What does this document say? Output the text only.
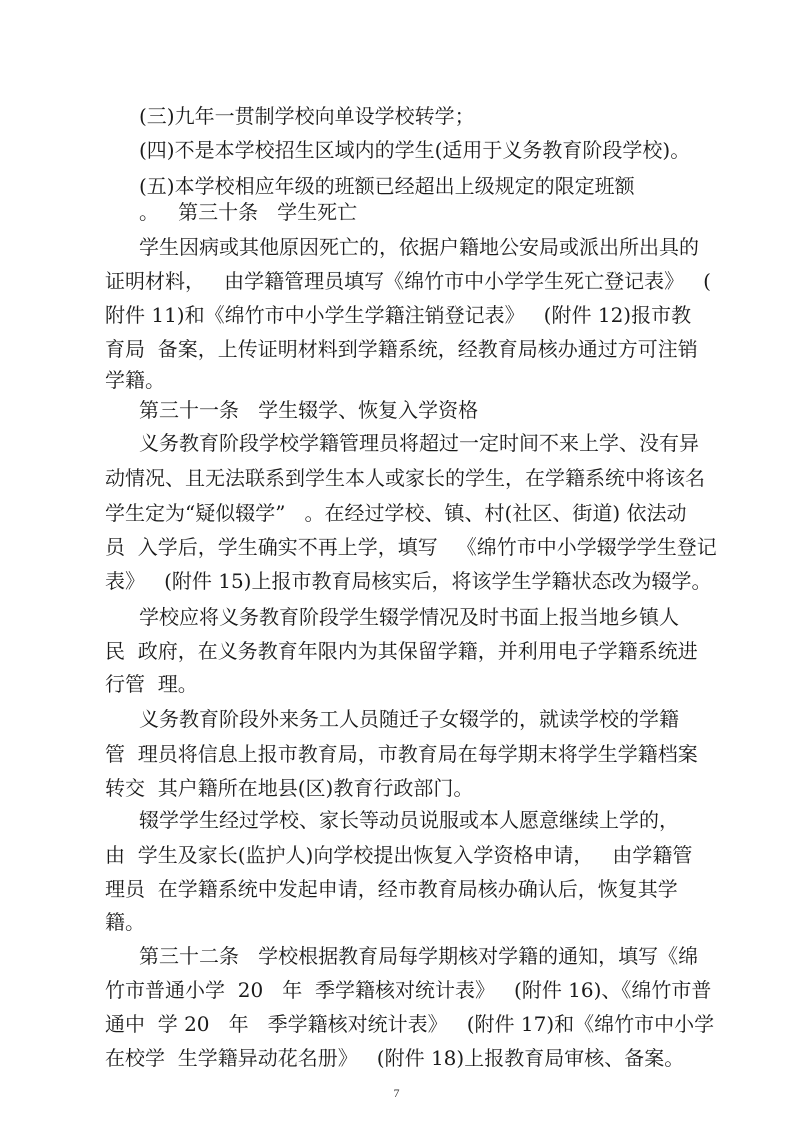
(三)九年一贯制学校向单设学校转学；
(四)不是本学校招生区域内的学生(适用于义务教育阶段学校)。
(五)本学校相应年级的班额已经超出上级规定的限定班额
。   第三十条   学生死亡
学生因病或其他原因死亡的，依据户籍地公安局或派出所出具的
证明材料，   由学籍管理员填写《绵竹市中小学学生死亡登记表》   (
附件 11)和《绵竹市中小学生学籍注销登记表》   (附件 12)报市教
育局  备案，上传证明材料到学籍系统，经教育局核办通过方可注销
学籍。
第三十一条   学生辍学、恢复入学资格
义务教育阶段学校学籍管理员将超过一定时间不来上学、没有异
动情况、且无法联系到学生本人或家长的学生，在学籍系统中将该名
学生定为“疑似辍学”   。在经过学校、镇、村(社区、街道) 依法动
员  入学后，学生确实不再上学，填写   《绵竹市中小学辍学学生登记
表》   (附件 15)上报市教育局核实后，将该学生学籍状态改为辍学。
学校应将义务教育阶段学生辍学情况及时书面上报当地乡镇人
民  政府，在义务教育年限内为其保留学籍，并利用电子学籍系统进
行管  理。
义务教育阶段外来务工人员随迁子女辍学的，就读学校的学籍
管  理员将信息上报市教育局，市教育局在每学期末将学生学籍档案
转交  其户籍所在地县(区)教育行政部门。
辍学学生经过学校、家长等动员说服或本人愿意继续上学的，
由  学生及家长(监护人)向学校提出恢复入学资格申请，   由学籍管
理员  在学籍系统中发起申请，经市教育局核办确认后，恢复其学
籍。
第三十二条   学校根据教育局每学期核对学籍的通知，填写《绵
竹市普通小学  20   年  季学籍核对统计表》   (附件 16)、《绵竹市普
通中  学 20   年   季学籍核对统计表》   (附件 17)和《绵竹市中小学
在校学  生学籍异动花名册》   (附件 18)上报教育局审核、备案。
7
